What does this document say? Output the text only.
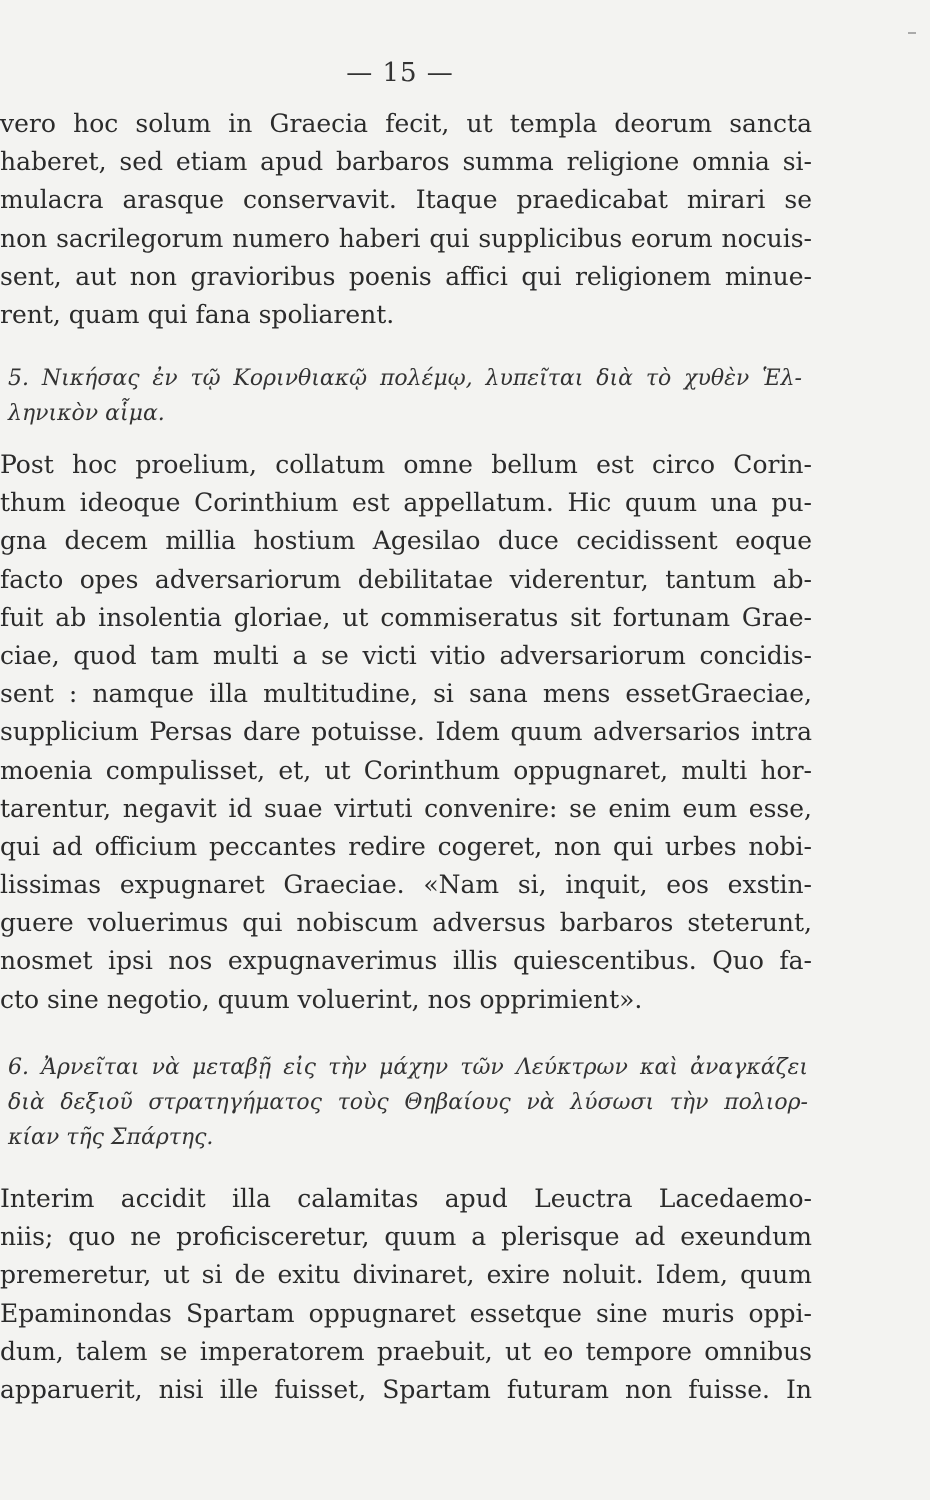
— 15 —
vero hoc solum in Graecia fecit, ut templa deorum sancta
haberet, sed etiam apud barbaros summa religione omnia si-
mulacra arasque conservavit. Itaque praedicabat mirari se
non sacrilegorum numero haberi qui supplicibus eorum nocuis-
sent, aut non gravioribus poenis affici qui religionem minue-
rent, quam qui fana spoliarent.
5. Νικήσας ἐν τῷ Κορινθιακῷ πολέμῳ, λυπεῖται διὰ τὸ χυθὲν Ἑλ-
ληνικὸν αἷμα.
Post hoc proelium, collatum omne bellum est circo Corin-
thum ideoque Corinthium est appellatum. Hic quum una pu-
gna decem millia hostium Agesilao duce cecidissent eoque
facto opes adversariorum debilitatae viderentur, tantum ab-
fuit ab insolentia gloriae, ut commiseratus sit fortunam Grae-
ciae, quod tam multi a se victi vitio adversariorum concidis-
sent : namque illa multitudine, si sana mens essetGraeciae,
supplicium Persas dare potuisse. Idem quum adversarios intra
moenia compulisset, et, ut Corinthum oppugnaret, multi hor-
tarentur, negavit id suae virtuti convenire: se enim eum esse,
qui ad officium peccantes redire cogeret, non qui urbes nobi-
lissimas expugnaret Graeciae. «Nam si, inquit, eos exstin-
guere voluerimus qui nobiscum adversus barbaros steterunt,
nosmet ipsi nos expugnaverimus illis quiescentibus. Quo fa-
cto sine negotio, quum voluerint, nos opprimient».
6. Ἀρνεῖται νὰ μεταβῇ εἰς τὴν μάχην τῶν Λεύκτρων καὶ ἀναγκάζει
διὰ δεξιοῦ στρατηγήματος τοὺς Θηβαίους νὰ λύσωσι τὴν πολιορ-
κίαν τῆς Σπάρτης.
Interim accidit illa calamitas apud Leuctra Lacedaemo-
niis; quo ne proficisceretur, quum a plerisque ad exeundum
premeretur, ut si de exitu divinaret, exire noluit. Idem, quum
Epaminondas Spartam oppugnaret essetque sine muris oppi-
dum, talem se imperatorem praebuit, ut eo tempore omnibus
apparuerit, nisi ille fuisset, Spartam futuram non fuisse. In
